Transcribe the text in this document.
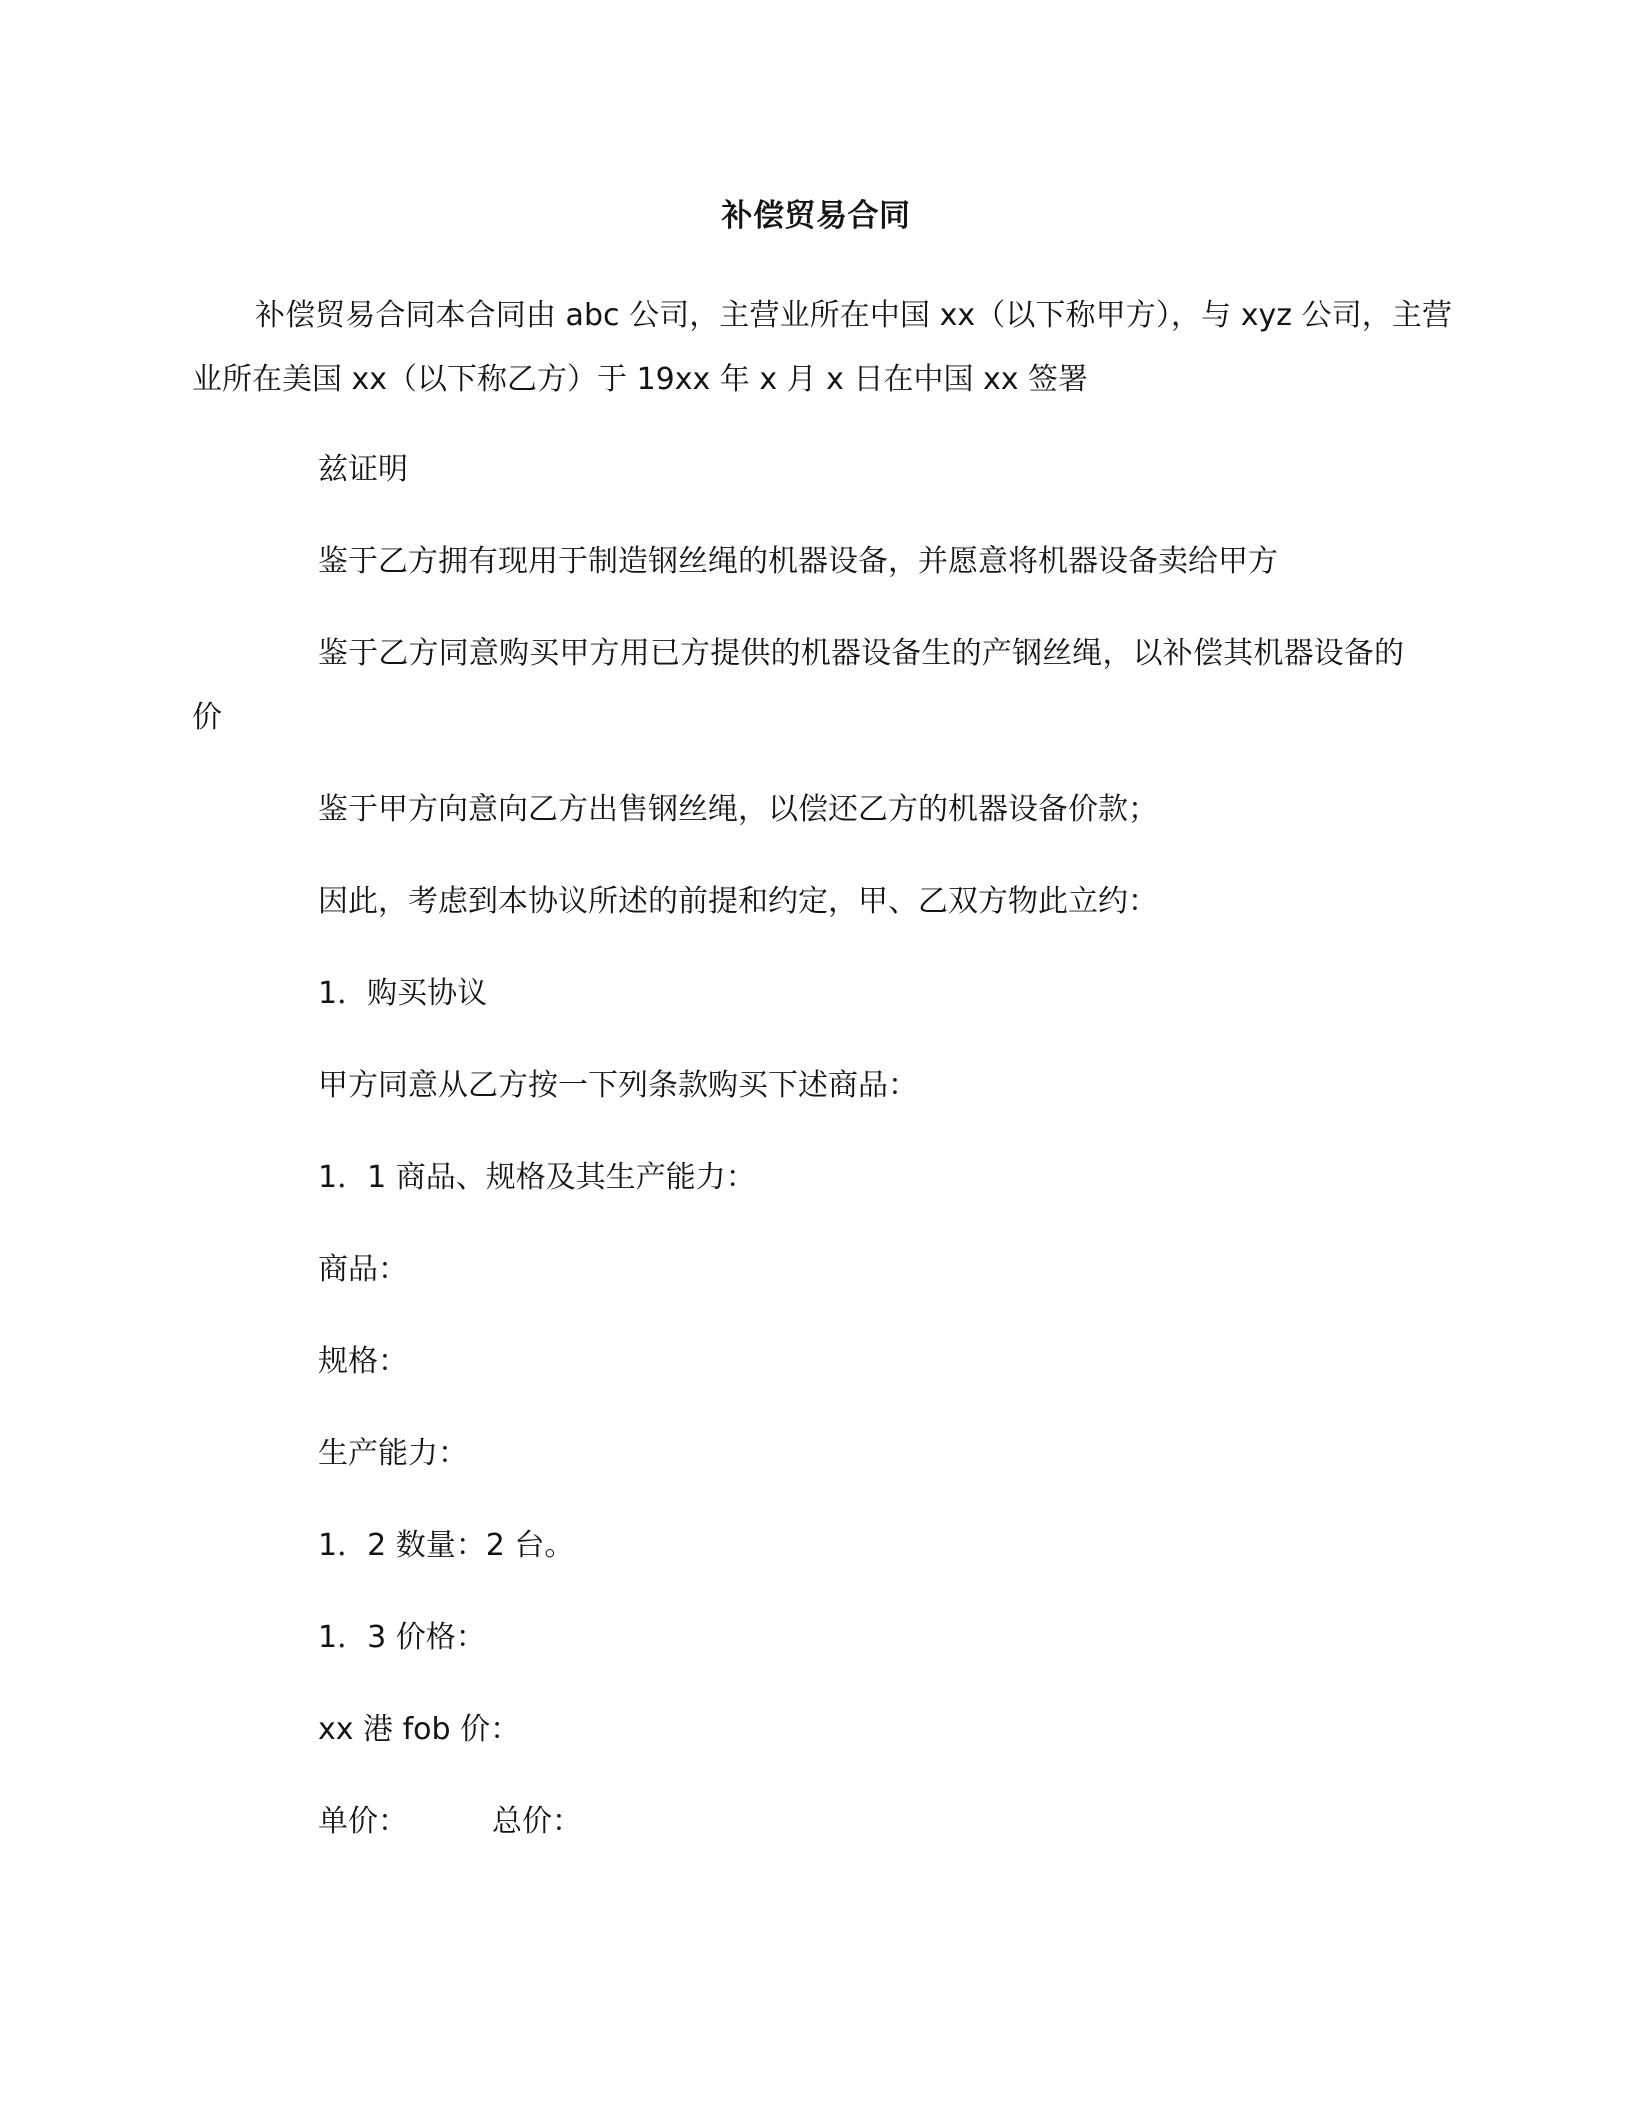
补偿贸易合同
补偿贸易合同本合同由 abc 公司，主营业所在中国 xx（以下称甲方），与 xyz 公司，主营业所在美国 xx（以下称乙方）于 19xx 年 x 月 x 日在中国 xx 签署
兹证明
鉴于乙方拥有现用于制造钢丝绳的机器设备，并愿意将机器设备卖给甲方
鉴于乙方同意购买甲方用已方提供的机器设备生的产钢丝绳，以补偿其机器设备的价
鉴于甲方向意向乙方出售钢丝绳，以偿还乙方的机器设备价款；
因此，考虑到本协议所述的前提和约定，甲、乙双方物此立约：
1．购买协议
甲方同意从乙方按一下列条款购买下述商品：
1．1 商品、规格及其生产能力：
商品：
规格：
生产能力：
1．2 数量：2 台。
1．3 价格：
xx 港 fob 价：
单价：	总价：
